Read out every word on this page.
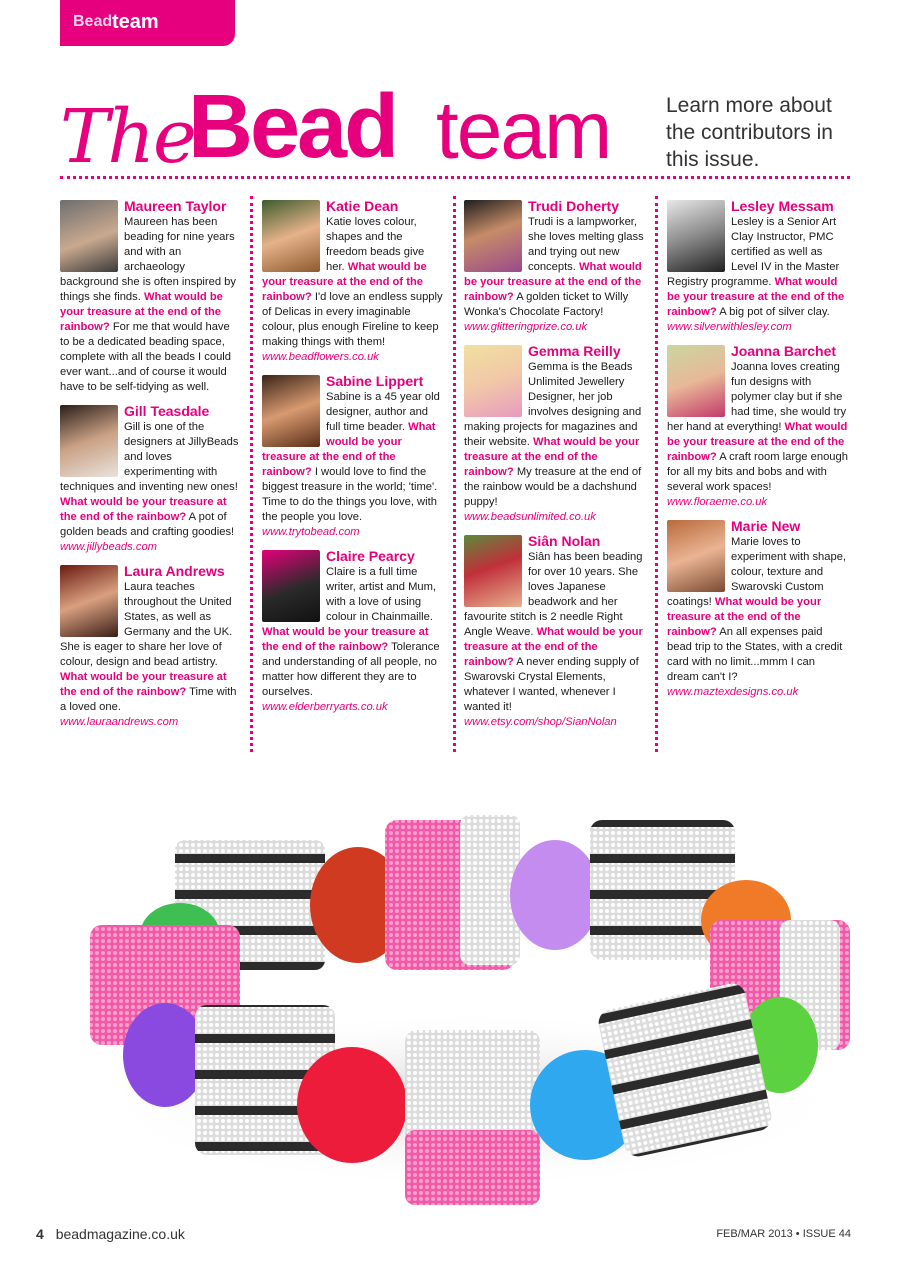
Bead team
The
Bead team	Learn more about the contributors in this issue.
Maureen Taylor
Maureen has been beading for nine years and with an archaeology background she is often inspired by things she finds. What would be your treasure at the end of the rainbow? For me that would have to be a dedicated beading space, complete with all the beads I could ever want...and of course it would have to be self-tidying as well.
Gill Teasdale
Gill is one of the designers at JillyBeads and loves experimenting with techniques and inventing new ones! What would be your treasure at the end of the rainbow? A pot of golden beads and crafting goodies!
www.jillybeads.com
Laura Andrews
Laura teaches throughout the United States, as well as Germany and the UK. She is eager to share her love of colour, design and bead artistry. What would be your treasure at the end of the rainbow? Time with a loved one.
www.lauraandrews.com
Katie Dean
Katie loves colour, shapes and the freedom beads give her. What would be your treasure at the end of the rainbow? I'd love an endless supply of Delicas in every imaginable colour, plus enough Fireline to keep making things with them!
www.beadflowers.co.uk
Sabine Lippert
Sabine is a 45 year old designer, author and full time beader. What would be your treasure at the end of the rainbow? I would love to find the biggest treasure in the world; 'time'. Time to do the things you love, with the people you love.
www.trytobead.com
Claire Pearcy
Claire is a full time writer, artist and Mum, with a love of using colour in Chainmaille. What would be your treasure at the end of the rainbow? Tolerance and understanding of all people, no matter how different they are to ourselves.
www.elderberryarts.co.uk
Trudi Doherty
Trudi is a lampworker, she loves melting glass and trying out new concepts. What would be your treasure at the end of the rainbow? A golden ticket to Willy Wonka's Chocolate Factory!
www.glitteringprize.co.uk
Gemma Reilly
Gemma is the Beads Unlimited Jewellery Designer, her job involves designing and making projects for magazines and their website. What would be your treasure at the end of the rainbow? My treasure at the end of the rainbow would be a dachshund puppy!
www.beadsunlimited.co.uk
Siân Nolan
Siân has been beading for over 10 years. She loves Japanese beadwork and her favourite stitch is 2 needle Right Angle Weave. What would be your treasure at the end of the rainbow? A never ending supply of Swarovski Crystal Elements, whatever I wanted, whenever I wanted it!
www.etsy.com/shop/SianNolan
Lesley Messam
Lesley is a Senior Art Clay Instructor, PMC certified as well as Level IV in the Master Registry programme. What would be your treasure at the end of the rainbow? A big pot of silver clay.
www.silverwithlesley.com
Joanna Barchet
Joanna loves creating fun designs with polymer clay but if she had time, she would try her hand at everything! What would be your treasure at the end of the rainbow? A craft room large enough for all my bits and bobs and with several work spaces!
www.floraeme.co.uk
Marie New
Marie loves to experiment with shape, colour, texture and Swarovski Custom coatings! What would be your treasure at the end of the rainbow? An all expenses paid bead trip to the States, with a credit card with no limit...mmm I can dream can't I?
www.maztexdesigns.co.uk
4 beadmagazine.co.uk	FEB/MAR 2013 • ISSUE 44
